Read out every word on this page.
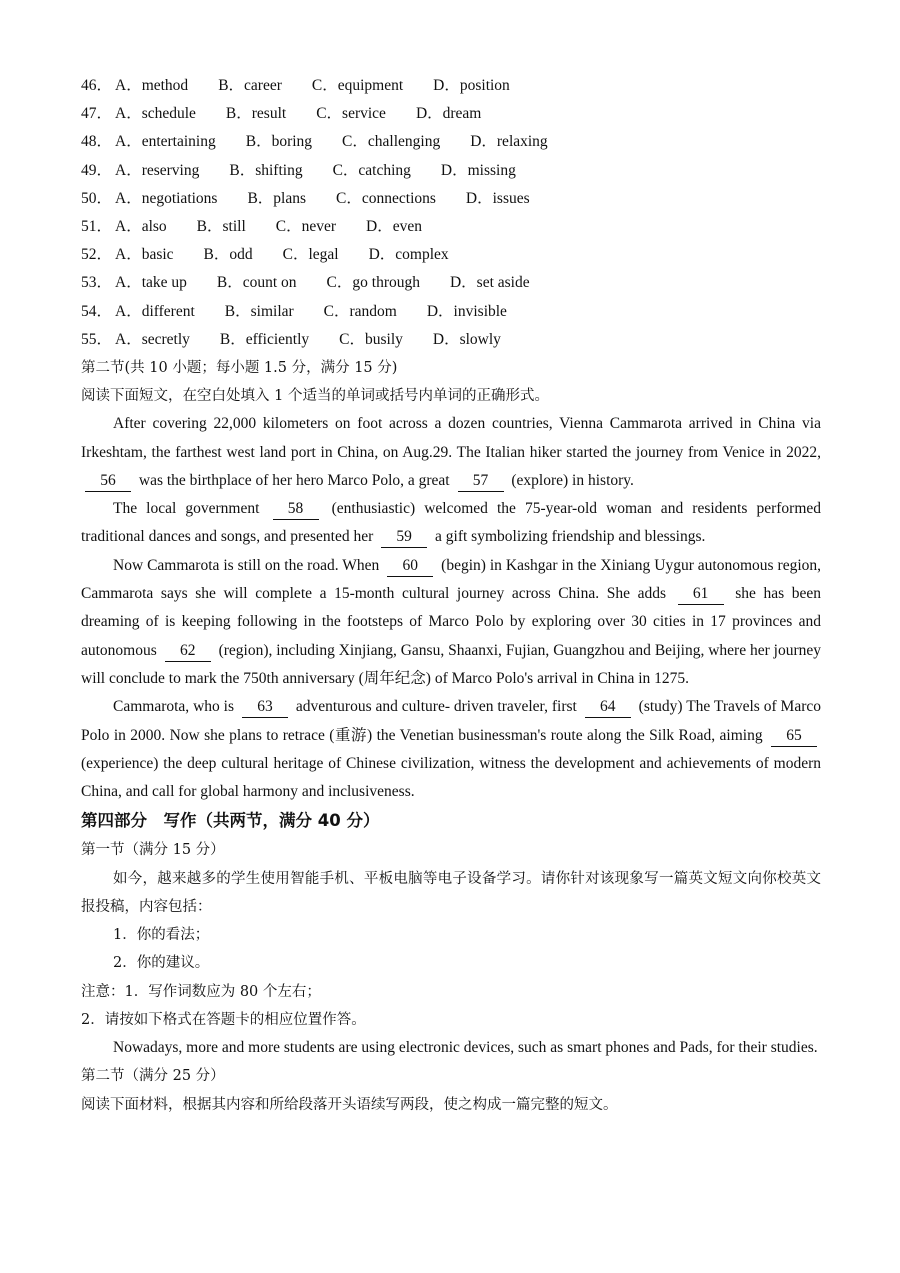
46． A．method B．career C．equipment D．position
47． A．schedule B．result C．service D．dream
48． A．entertaining B．boring C．challenging D．relaxing
49． A．reserving B．shifting C．catching D．missing
50． A．negotiations B．plans C．connections D．issues
51． A．also B．still C．never D．even
52． A．basic B．odd C．legal D．complex
53． A．take up B．count on C．go through D．set aside
54． A．different B．similar C．random D．invisible
55． A．secretly B．efficiently C．busily D．slowly
第二节(共 10 小题；每小题 1.5 分，满分 15 分)
阅读下面短文，在空白处填入 1 个适当的单词或括号内单词的正确形式。

After covering 22,000 kilometers on foot across a dozen countries, Vienna Cammarota arrived in China via Irkeshtam, the farthest west land port in China, on Aug.29. The Italian hiker started the journey from Venice in 2022, 56 was the birthplace of her hero Marco Polo, a great 57 (explore) in history.

The local government 58 (enthusiastic) welcomed the 75-year-old woman and residents performed traditional dances and songs, and presented her 59 a gift symbolizing friendship and blessings.

Now Cammarota is still on the road. When 60 (begin) in Kashgar in the Xiniang Uygur autonomous region, Cammarota says she will complete a 15-month cultural journey across China. She adds 61 she has been dreaming of is keeping following in the footsteps of Marco Polo by exploring over 30 cities in 17 provinces and autonomous 62 (region), including Xinjiang, Gansu, Shaanxi, Fujian, Guangzhou and Beijing, where her journey will conclude to mark the 750th anniversary (周年纪念) of Marco Polo's arrival in China in 1275.

Cammarota, who is 63 adventurous and culture- driven traveler, first 64 (study) The Travels of Marco Polo in 2000. Now she plans to retrace (重游) the Venetian businessman's route along the Silk Road, aiming 65 (experience) the deep cultural heritage of Chinese civilization, witness the development and achievements of modern China, and call for global harmony and inclusiveness.

第四部分　写作（共两节，满分 40 分）
第一节（满分 15 分）

如今，越来越多的学生使用智能手机、平板电脑等电子设备学习。请你针对该现象写一篇英文短文向你校英文报投稿，内容包括：

1．你的看法；
2．你的建议。
注意：1．写作词数应为 80 个左右；
2．请按如下格式在答题卡的相应位置作答。

Nowadays, more and more students are using electronic devices, such as smart phones and Pads, for their studies.

第二节（满分 25 分）
阅读下面材料，根据其内容和所给段落开头语续写两段，使之构成一篇完整的短文。
